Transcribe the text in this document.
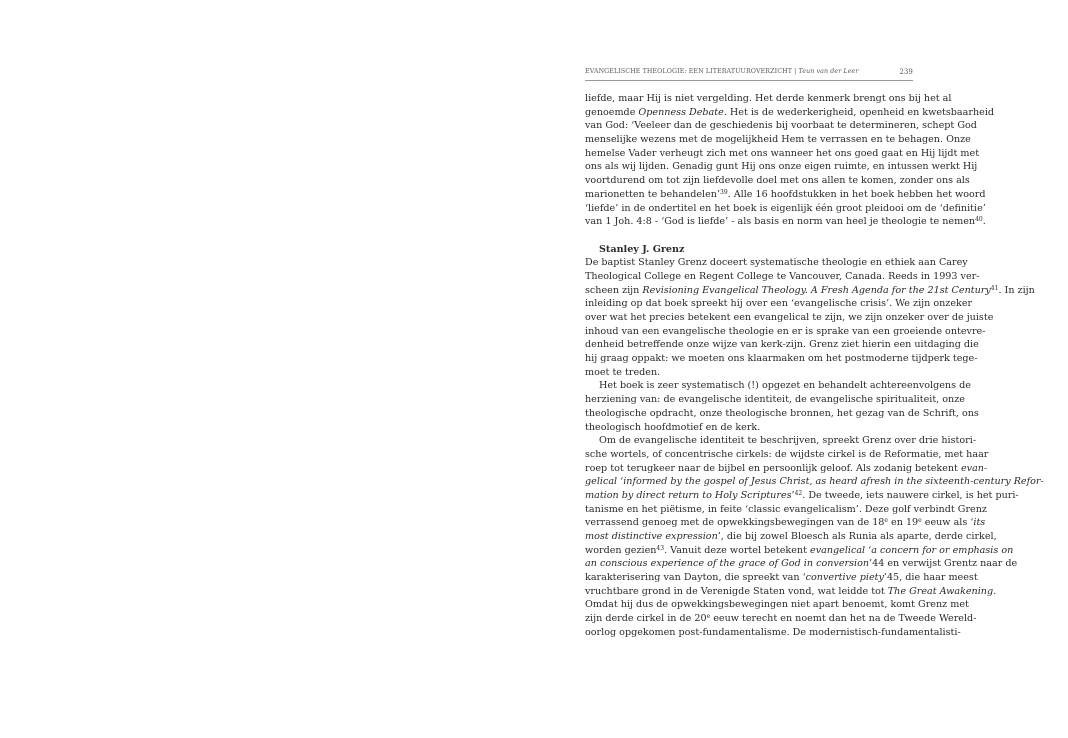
EVANGELISCHE THEOLOGIE: EEN LITERATUUROVERZICHT | Teun van der Leer	239
liefde, maar Hij is niet vergelding. Het derde kenmerk brengt ons bij het al
genoemde Openness Debate. Het is de wederkerigheid, openheid en kwetsbaarheid
van God: ‘Veeleer dan de geschiedenis bij voorbaat te determineren, schept God
menselijke wezens met de mogelijkheid Hem te verrassen en te behagen. Onze
hemelse Vader verheugt zich met ons wanneer het ons goed gaat en Hij lijdt met
ons als wij lijden. Genadig gunt Hij ons onze eigen ruimte, en intussen werkt Hij
voortdurend om tot zijn liefdevolle doel met ons allen te komen, zonder ons als
marionetten te behandelen’$^{39}$. Alle 16 hoofdstukken in het boek hebben het woord
‘liefde’ in de ondertitel en het boek is eigenlijk één groot pleidooi om de ‘definitie’
van 1 Joh. 4:8 - ‘God is liefde’ - als basis en norm van heel je theologie te nemen$^{40}$.
Stanley J. Grenz
De baptist Stanley Grenz doceert systematische theologie en ethiek aan Carey
Theological College en Regent College te Vancouver, Canada. Reeds in 1993 ver-
scheen zijn Revisioning Evangelical Theology. A Fresh Agenda for the 21st Century$^{41}$. In zijn
inleiding op dat boek spreekt hij over een ‘evangelische crisis’. We zijn onzeker
over wat het precies betekent een evangelical te zijn, we zijn onzeker over de juiste
inhoud van een evangelische theologie en er is sprake van een groeiende ontevre-
denheid betreffende onze wijze van kerk-zijn. Grenz ziet hierin een uitdaging die
hij graag oppakt: we moeten ons klaarmaken om het postmoderne tijdperk tege-
moet te treden.
Het boek is zeer systematisch (!) opgezet en behandelt achtereenvolgens de
herziening van: de evangelische identiteit, de evangelische spiritualiteit, onze
theologische opdracht, onze theologische bronnen, het gezag van de Schrift, ons
theologisch hoofdmotief en de kerk.
Om de evangelische identiteit te beschrijven, spreekt Grenz over drie histori-
sche wortels, of concentrische cirkels: de wijdste cirkel is de Reformatie, met haar
roep tot terugkeer naar de bijbel en persoonlijk geloof. Als zodanig betekent evan-
gelical ‘informed by the gospel of Jesus Christ, as heard afresh in the sixteenth-century Refor-
mation by direct return to Holy Scriptures’$^{42}$. De tweede, iets nauwere cirkel, is het puri-
tanisme en het piëtisme, in feite ‘classic evangelicalism’. Deze golf verbindt Grenz
verrassend genoeg met de opwekkingsbewegingen van de 18e en 19e eeuw als ‘its
most distinctive expression’, die bij zowel Bloesch als Runia als aparte, derde cirkel,
worden gezien$^{43}$. Vanuit deze wortel betekent evangelical ‘a concern for or emphasis on
an conscious experience of the grace of God in conversion’44 en verwijst Grentz naar de
karakterisering van Dayton, die spreekt van ‘convertive piety’45, die haar meest
vruchtbare grond in de Verenigde Staten vond, wat leidde tot The Great Awakening.
Omdat hij dus de opwekkingsbewegingen niet apart benoemt, komt Grenz met
zijn derde cirkel in de 20e eeuw terecht en noemt dan het na de Tweede Wereld-
oorlog opgekomen post-fundamentalisme. De modernistisch-fundamentalisti-
